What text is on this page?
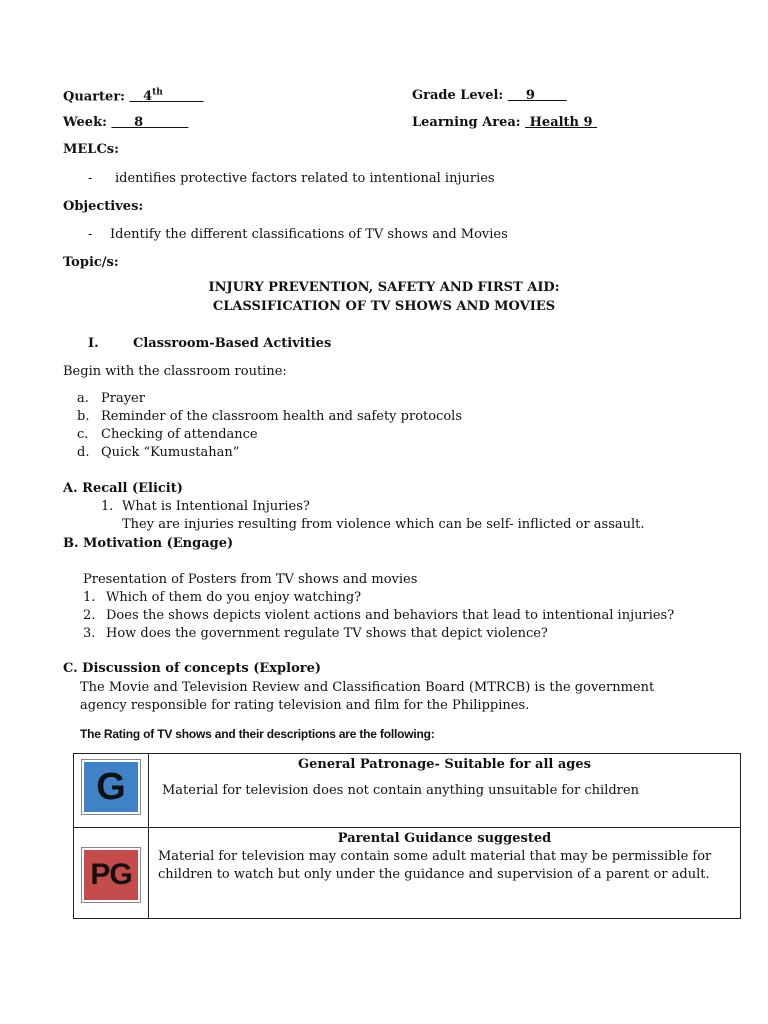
Quarter: 4th	Grade Level: 9
Week: 8	Learning Area: Health 9
MELCs:
- identifies protective factors related to intentional injuries
Objectives:
- Identify the different classifications of TV shows and Movies
Topic/s:
INJURY PREVENTION, SAFETY AND FIRST AID:
CLASSIFICATION OF TV SHOWS AND MOVIES
I.	Classroom-Based Activities
Begin with the classroom routine:
a. Prayer
b. Reminder of the classroom health and safety protocols
c. Checking of attendance
d. Quick “Kumustahan”
A. Recall (Elicit)
1. What is Intentional Injuries?
They are injuries resulting from violence which can be self- inflicted or assault.
B. Motivation (Engage)
Presentation of Posters from TV shows and movies
1. Which of them do you enjoy watching?
2. Does the shows depicts violent actions and behaviors that lead to intentional injuries?
3. How does the government regulate TV shows that depict violence?
C. Discussion of concepts (Explore)
The Movie and Television Review and Classification Board (MTRCB) is the government
agency responsible for rating television and film for the Philippines.
The Rating of TV shows and their descriptions are the following:
G	General Patronage- Suitable for all ages
Material for television does not contain anything unsuitable for children

PG	Parental Guidance suggested
Material for television may contain some adult material that may be permissible for children to watch but only under the guidance and supervision of a parent or adult.
